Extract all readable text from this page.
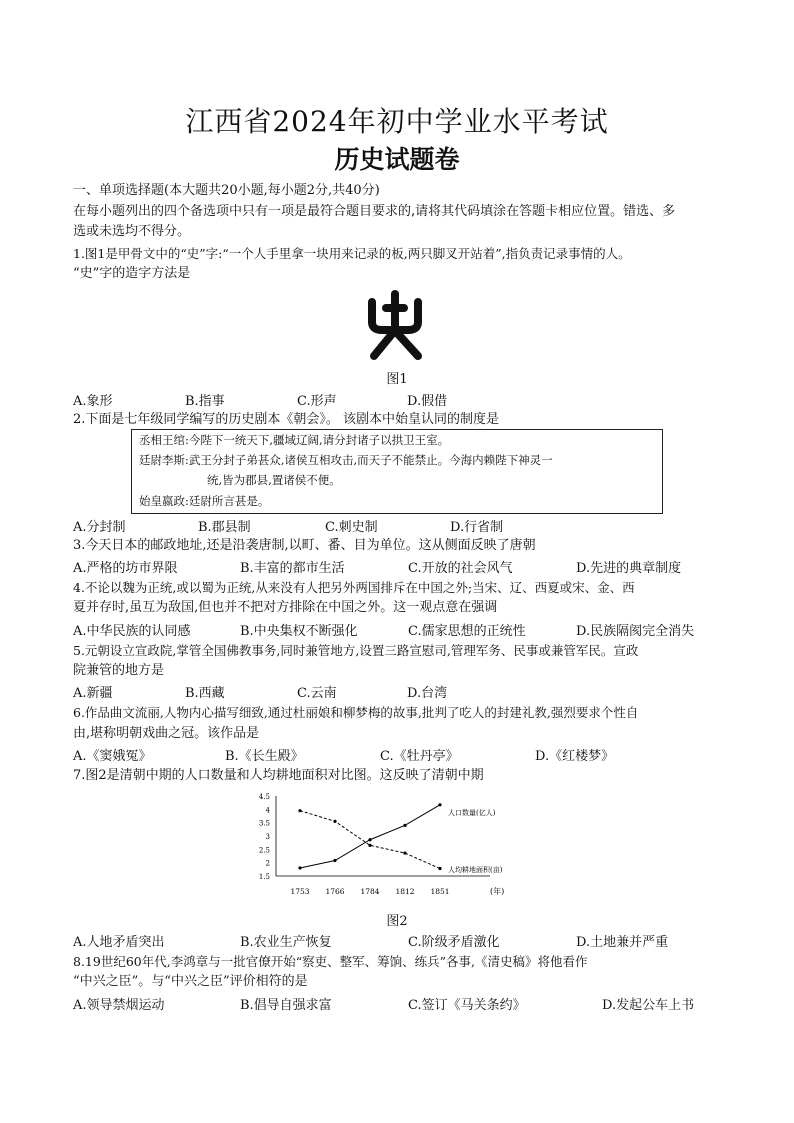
江西省2024年初中学业水平考试
历史试题卷
一、单项选择题(本大题共20小题,每小题2分,共40分)
在每小题列出的四个备选项中只有一项是最符合题目要求的,请将其代码填涂在答题卡相应位置。错选、多
选或未选均不得分。
1.图1是甲骨文中的“史”字:“一个人手里拿一块用来记录的板,两只脚叉开站着”,指负责记录事情的人。
“史”字的造字方法是
图1
A.象形	B.指事	C.形声	D.假借
2.下面是七年级同学编写的历史剧本《朝会》。 该剧本中始皇认同的制度是
丞相王绾:今陛下一统天下,疆域辽阔,请分封诸子以拱卫王室。
廷尉李斯:武王分封子弟甚众,诸侯互相攻击,而天子不能禁止。今海内赖陛下神灵一
统,皆为郡县,置诸侯不便。
始皇嬴政:廷尉所言甚是。
A.分封制	B.郡县制	C.刺史制	D.行省制
3.今天日本的邮政地址,还是沿袭唐制,以町、番、目为单位。这从侧面反映了唐朝
A.严格的坊市界限	B.丰富的都市生活	C.开放的社会风气	D.先进的典章制度
4.不论以魏为正统,或以蜀为正统,从来没有人把另外两国排斥在中国之外;当宋、辽、西夏或宋、金、西
夏并存时,虽互为敌国,但也并不把对方排除在中国之外。这一观点意在强调
A.中华民族的认同感	B.中央集权不断强化	C.儒家思想的正统性	D.民族隔阂完全消失
5.元朝设立宣政院,掌管全国佛教事务,同时兼管地方,设置三路宣慰司,管理军务、民事或兼管军民。宣政
院兼管的地方是
A.新疆	B.西藏	C.云南	D.台湾
6.作品曲文流丽,人物内心描写细致,通过杜丽娘和柳梦梅的故事,批判了吃人的封建礼教,强烈要求个性自
由,堪称明朝戏曲之冠。该作品是
A.《窦娥冤》	B.《长生殿》	C.《牡丹亭》	D.《红楼梦》
7.图2是清朝中期的人口数量和人均耕地面积对比图。这反映了清朝中期
4.5
4
3.5
3
2.5
2
1.5
1753 1766 1784 1812 1851	(年)
人口数量(亿人)
人均耕地面积(亩)
图2
A.人地矛盾突出	B.农业生产恢复	C.阶级矛盾激化	D.土地兼并严重
8.19世纪60年代,李鸿章与一批官僚开始“察吏、整军、筹饷、练兵”各事,《清史稿》将他看作
“中兴之臣”。与“中兴之臣”评价相符的是
A.领导禁烟运动	B.倡导自强求富	C.签订《马关条约》	D.发起公车上书
